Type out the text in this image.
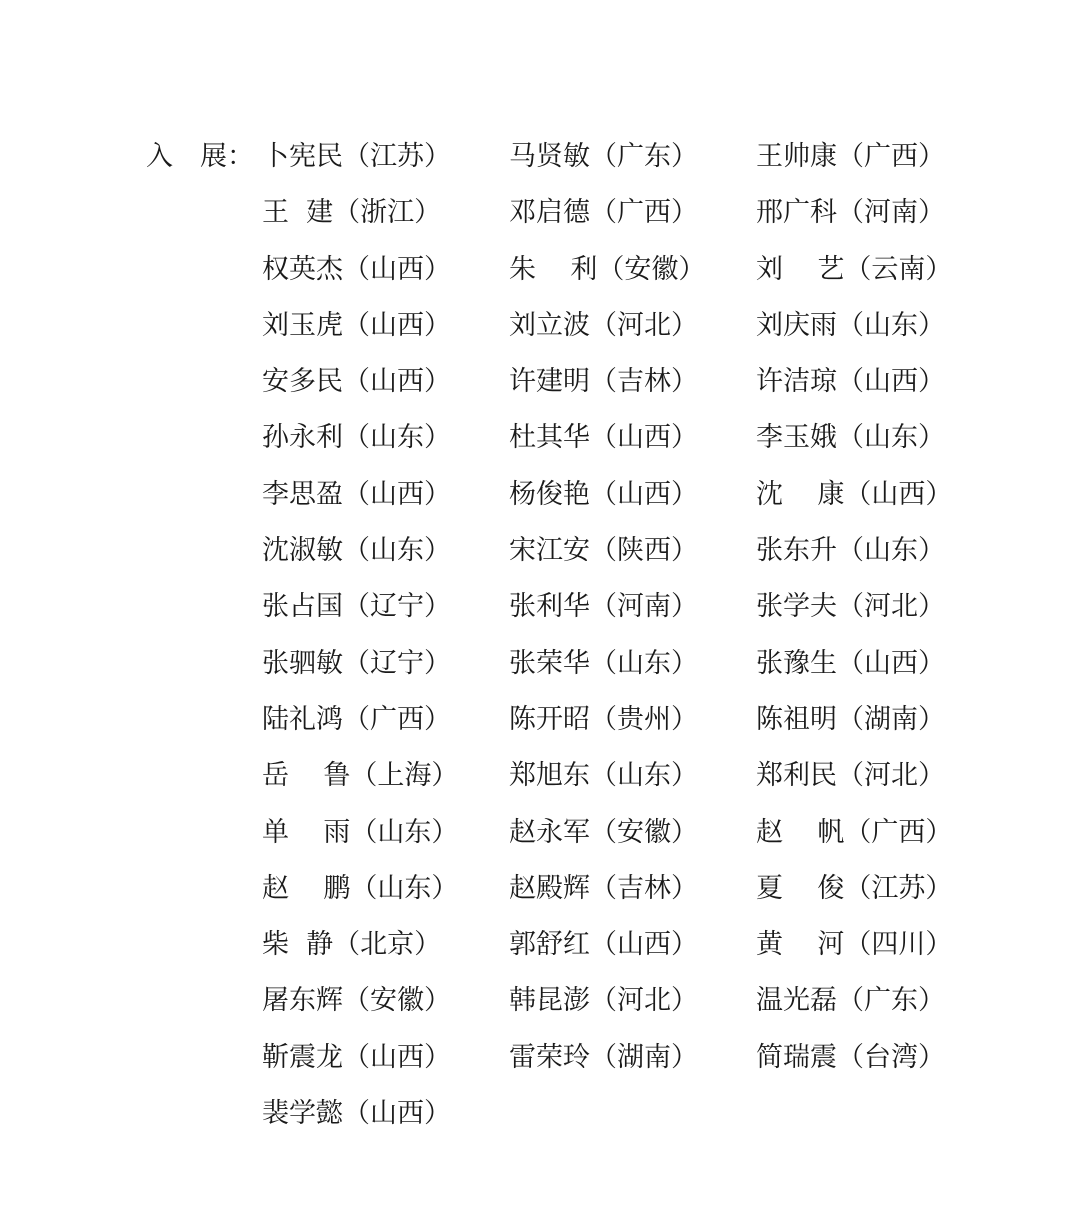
入　展： 卜宪民（江苏）	马贤敏（广东）	王帅康（广西）
王  建（浙江）	邓启德（广西）	邢广科（河南）
权英杰（山西）	朱    利（安徽）	刘    艺（云南）
刘玉虎（山西）	刘立波（河北）	刘庆雨（山东）
安多民（山西）	许建明（吉林）	许洁琼（山西）
孙永利（山东）	杜其华（山西）	李玉娥（山东）
李思盈（山西）	杨俊艳（山西）	沈    康（山西）
沈淑敏（山东）	宋江安（陕西）	张东升（山东）
张占国（辽宁）	张利华（河南）	张学夫（河北）
张驷敏（辽宁）	张荣华（山东）	张豫生（山西）
陆礼鸿（广西）	陈开昭（贵州）	陈祖明（湖南）
岳    鲁（上海）	郑旭东（山东）	郑利民（河北）
单    雨（山东）	赵永军（安徽）	赵    帆（广西）
赵    鹏（山东）	赵殿辉（吉林）	夏    俊（江苏）
柴  静（北京）	郭舒红（山西）	黄    河（四川）
屠东辉（安徽）	韩昆澎（河北）	温光磊（广东）
靳震龙（山西）	雷荣玲（湖南）	简瑞震（台湾）
裴学懿（山西）
